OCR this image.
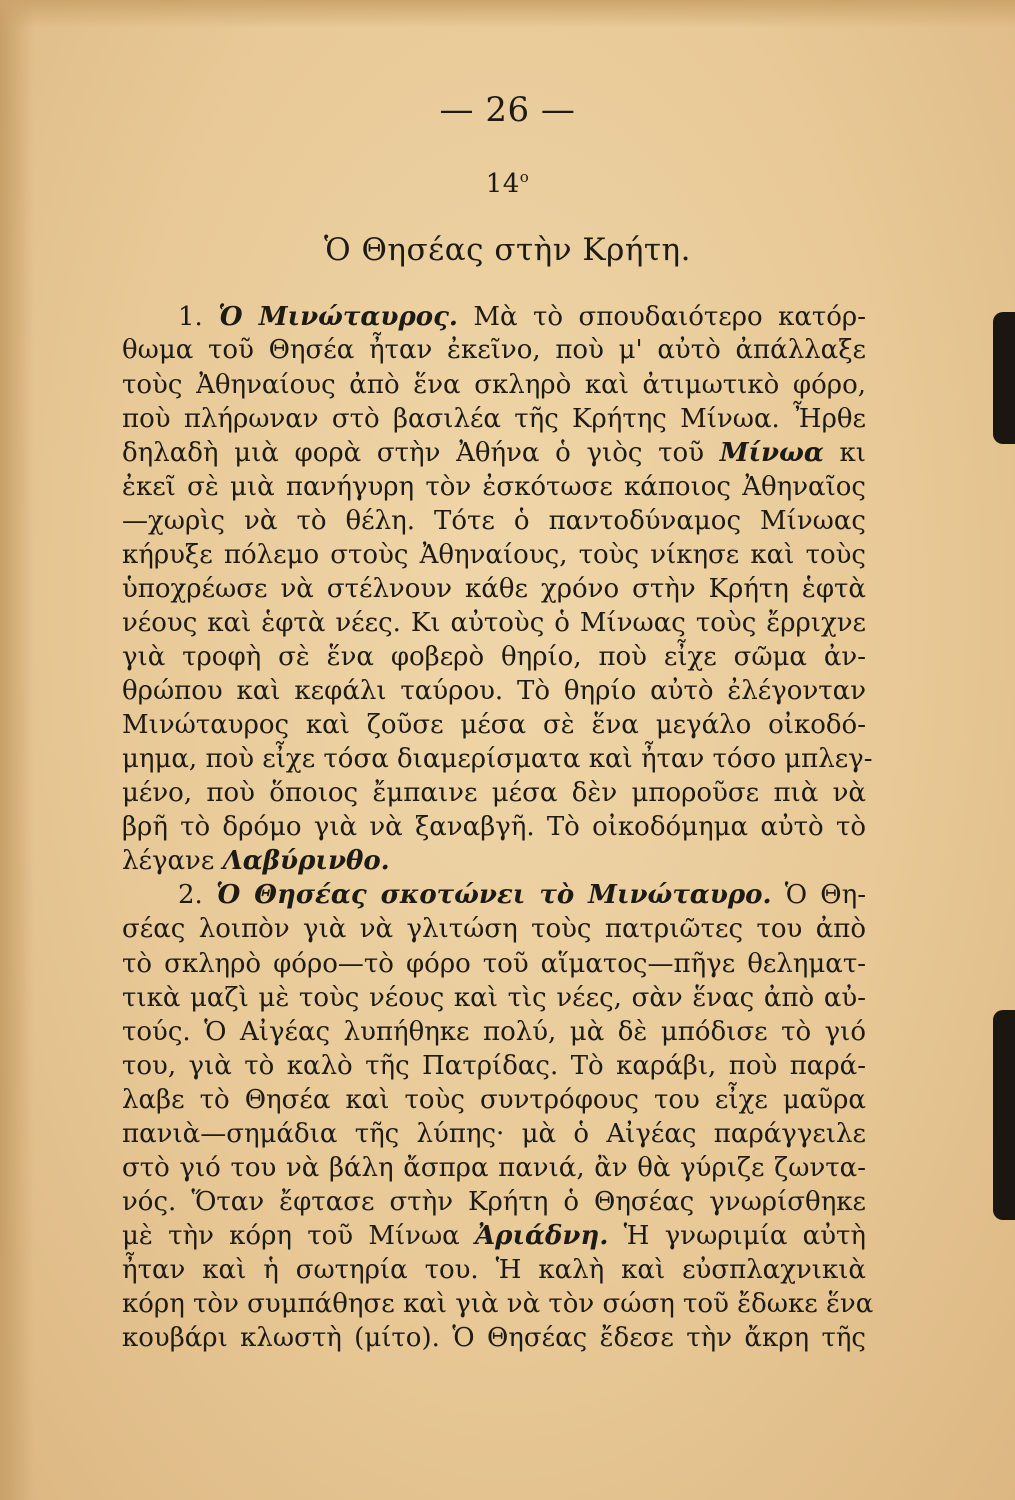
— 26 —
$14^o$
Ὁ Θησέας στὴν Κρήτη.
1. Ὁ Μινώταυρος. Μὰ τὸ σπουδαιότερο κατόρ-
θωμα τοῦ Θησέα ἦταν ἐκεῖνο, ποὺ μ' αὐτὸ ἀπάλλαξε
τοὺς Ἀθηναίους ἀπὸ ἕνα σκληρὸ καὶ ἀτιμωτικὸ φόρο,
ποὺ πλήρωναν στὸ βασιλέα τῆς Κρήτης Μίνωα. Ἦρθε
δηλαδὴ μιὰ φορὰ στὴν Ἀθήνα ὁ γιὸς τοῦ Μίνωα κι
ἐκεῖ σὲ μιὰ πανήγυρη τὸν ἐσκότωσε κάποιος Ἀθηναῖος
—χωρὶς νὰ τὸ θέλη. Τότε ὁ παντοδύναμος Μίνωας
κήρυξε πόλεμο στοὺς Ἀθηναίους, τοὺς νίκησε καὶ τοὺς
ὑποχρέωσε νὰ στέλνουν κάθε χρόνο στὴν Κρήτη ἑφτὰ
νέους καὶ ἑφτὰ νέες. Κι αὐτοὺς ὁ Μίνωας τοὺς ἔρριχνε
γιὰ τροφὴ σὲ ἕνα φοβερὸ θηρίο, ποὺ εἶχε σῶμα ἀν-
θρώπου καὶ κεφάλι ταύρου. Τὸ θηρίο αὐτὸ ἐλέγονταν
Μινώταυρος καὶ ζοῦσε μέσα σὲ ἕνα μεγάλο οἰκοδό-
μημα, ποὺ εἶχε τόσα διαμερίσματα καὶ ἦταν τόσο μπλεγ-
μένο, ποὺ ὅποιος ἔμπαινε μέσα δὲν μποροῦσε πιὰ νὰ
βρῆ τὸ δρόμο γιὰ νὰ ξαναβγῆ. Τὸ οἰκοδόμημα αὐτὸ τὸ
λέγανε Λαβύρινθο.
2. Ὁ Θησέας σκοτώνει τὸ Μινώταυρο. Ὁ Θη-
σέας λοιπὸν γιὰ νὰ γλιτώση τοὺς πατριῶτες του ἀπὸ
τὸ σκληρὸ φόρο—τὸ φόρο τοῦ αἵματος—πῆγε θεληματ-
τικὰ μαζὶ μὲ τοὺς νέους καὶ τὶς νέες, σὰν ἕνας ἀπὸ αὐ-
τούς. Ὁ Αἰγέας λυπήθηκε πολύ, μὰ δὲ μπόδισε τὸ γιό
του, γιὰ τὸ καλὸ τῆς Πατρίδας. Τὸ καράβι, ποὺ παρά-
λαβε τὸ Θησέα καὶ τοὺς συντρόφους του εἶχε μαῦρα
πανιὰ—σημάδια τῆς λύπης· μὰ ὁ Αἰγέας παράγγειλε
στὸ γιό του νὰ βάλη ἄσπρα πανιά, ἂν θὰ γύριζε ζωντα-
νός. Ὅταν ἔφτασε στὴν Κρήτη ὁ Θησέας γνωρίσθηκε
μὲ τὴν κόρη τοῦ Μίνωα Ἀριάδνη. Ἡ γνωριμία αὐτὴ
ἦταν καὶ ἡ σωτηρία του. Ἡ καλὴ καὶ εὐσπλαχνικιὰ
κόρη τὸν συμπάθησε καὶ γιὰ νὰ τὸν σώση τοῦ ἔδωκε ἕνα
κουβάρι κλωστὴ (μίτο). Ὁ Θησέας ἔδεσε τὴν ἄκρη τῆς
